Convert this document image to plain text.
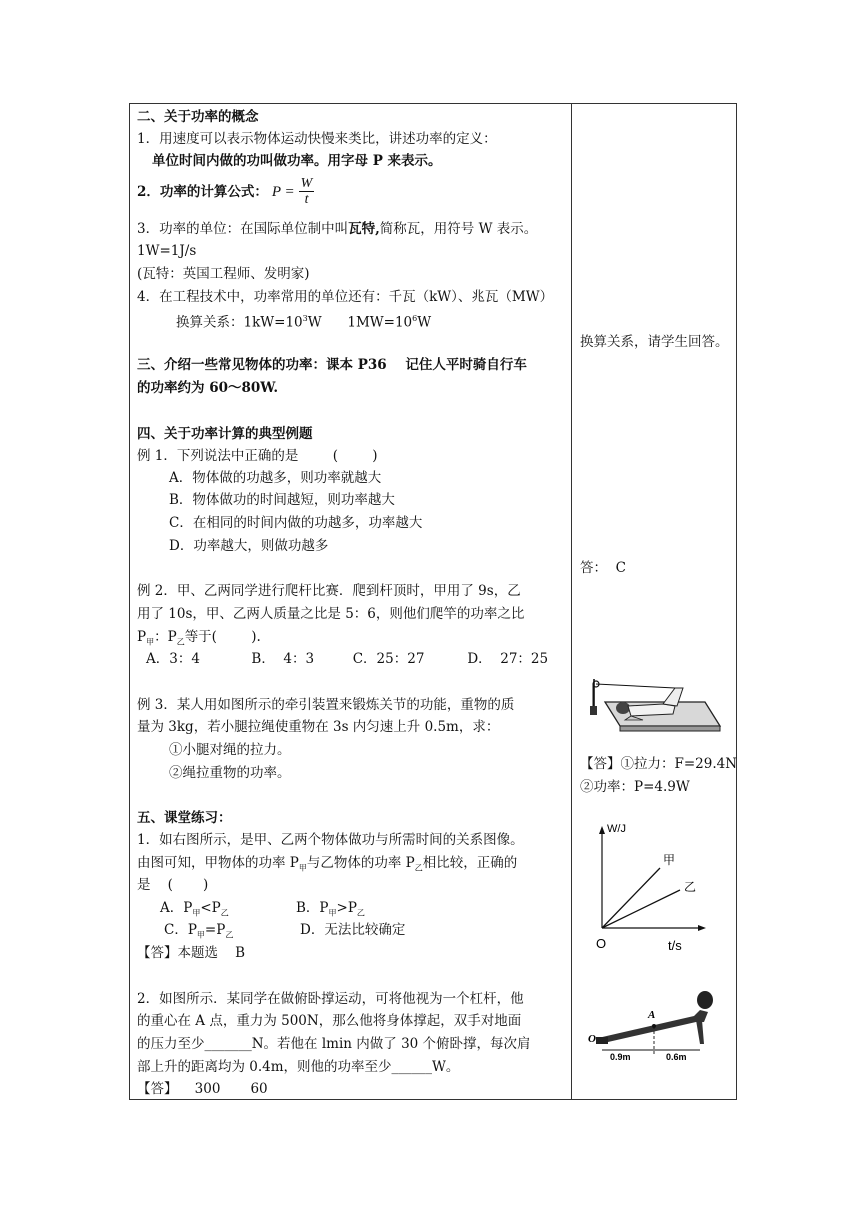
二、关于功率的概念
1．用速度可以表示物体运动快慢来类比，讲述功率的定义：
单位时间内做的功叫做功率。用字母 P 来表示。
2．功率的计算公式： $P = \frac{W}{t}$
3．功率的单位：在国际单位制中叫瓦特,简称瓦，用符号 W 表示。
1W=1J/s
(瓦特：英国工程师、发明家)
4．在工程技术中，功率常用的单位还有：千瓦（kW）、兆瓦（MW）
换算关系：$1kW=10^3W$      $1MW=10^6W$
三、介绍一些常见物体的功率：课本 P36    记住人平时骑自行车
的功率约为 60～80W.
四、关于功率计算的典型例题
例 1．下列说法中正确的是        (        )
A．物体做的功越多，则功率就越大
B．物体做功的时间越短，则功率越大
C．在相同的时间内做的功越多，功率越大
D．功率越大，则做功越多
例 2．甲、乙两同学进行爬杆比赛．爬到杆顶时，甲用了 9s，乙
用了 10s，甲、乙两人质量之比是 5：6，则他们爬竿的功率之比
$P_甲$：$P_乙$等于(        ).
A．3：4            B．  4：3         C．25：27          D．  27：25
例 3．某人用如图所示的牵引装置来锻炼关节的功能，重物的质
量为 3kg，若小腿拉绳使重物在 3s 内匀速上升 0.5m，求：
①小腿对绳的拉力。
②绳拉重物的功率。
五、课堂练习：
1．如右图所示，是甲、乙两个物体做功与所需时间的关系图像。
由图可知，甲物体的功率 $P_甲$与乙物体的功率 $P_乙$相比较，正确的
是    (       )
A．$P_甲<P_乙$	B．$P_甲>P_乙$
C．$P_甲=P_乙$	D．无法比较确定
【答】本题选    B
2．如图所示．某同学在做俯卧撑运动，可将他视为一个杠杆，他
的重心在 A 点，重力为 500N，那么他将身体撑起，双手对地面
的压力至少_______N。若他在 lmin 内做了 30 个俯卧撑，每次肩
部上升的距离均为 0.4m，则他的功率至少______W。
【答】    300       60
换算关系，请学生回答。
答：  C
【答】①拉力：F=29.4N
②功率：P=4.9W
W/J
t/s
O
甲
乙
O
A
0.9m	0.6m
